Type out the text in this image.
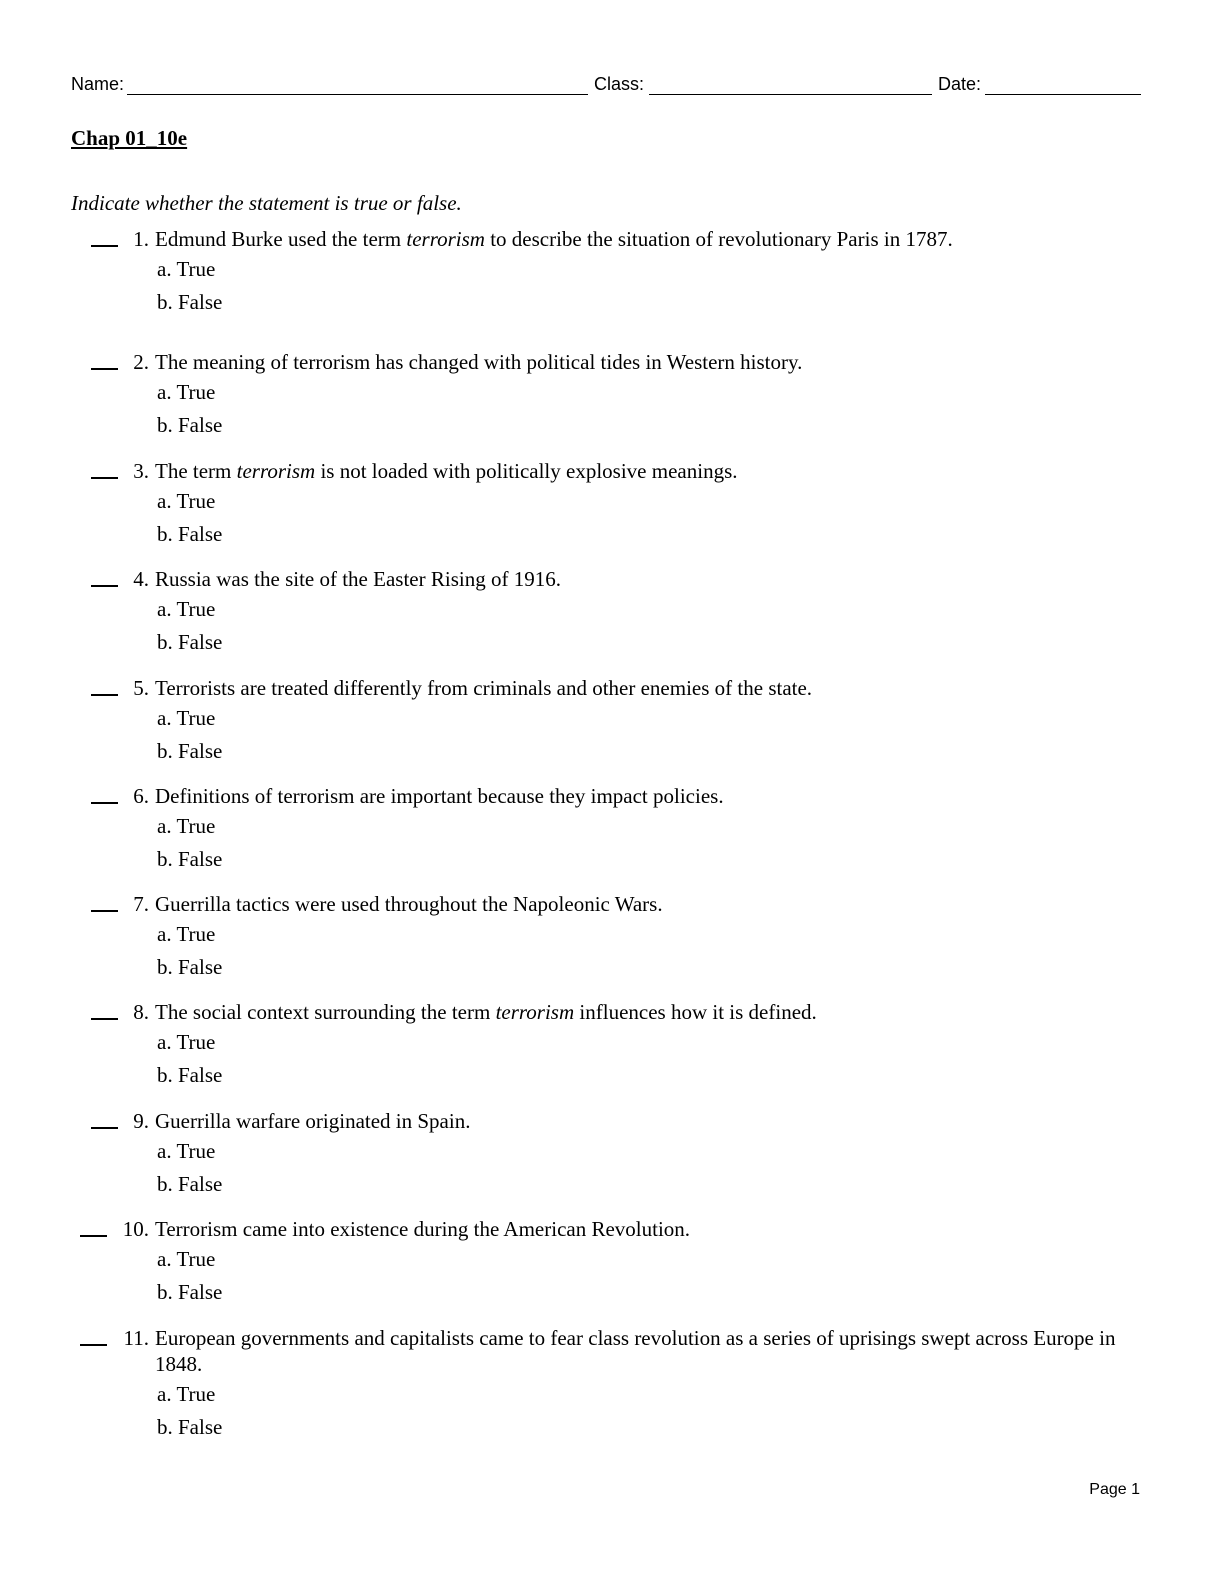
Name:	Class:	Date:
Chap 01_10e
Indicate whether the statement is true or false.
1. Edmund Burke used the term terrorism to describe the situation of revolutionary Paris in 1787.
a. True
b. False
2. The meaning of terrorism has changed with political tides in Western history.
a. True
b. False
3. The term terrorism is not loaded with politically explosive meanings.
a. True
b. False
4. Russia was the site of the Easter Rising of 1916.
a. True
b. False
5. Terrorists are treated differently from criminals and other enemies of the state.
a. True
b. False
6. Definitions of terrorism are important because they impact policies.
a. True
b. False
7. Guerrilla tactics were used throughout the Napoleonic Wars.
a. True
b. False
8. The social context surrounding the term terrorism influences how it is defined.
a. True
b. False
9. Guerrilla warfare originated in Spain.
a. True
b. False
10. Terrorism came into existence during the American Revolution.
a. True
b. False
11. European governments and capitalists came to fear class revolution as a series of uprisings swept across Europe in 1848.
a. True
b. False
Page 1
